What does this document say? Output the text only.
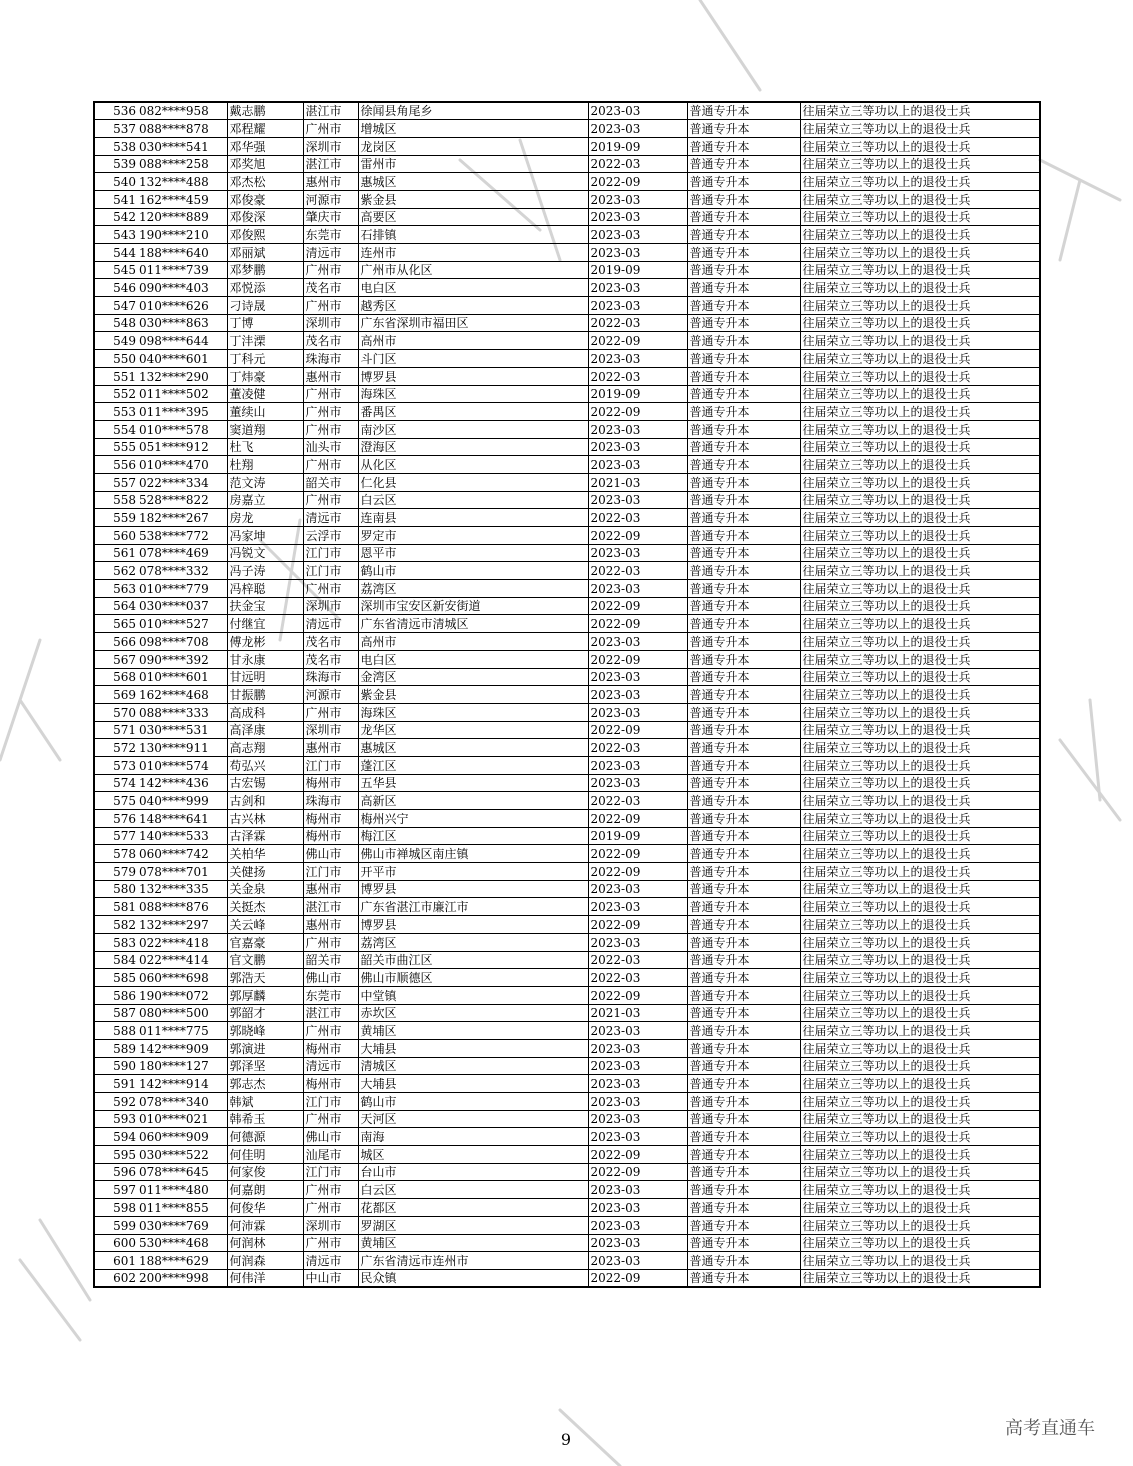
536	082****958	戴志鹏	湛江市	徐闻县角尾乡	2023-03	普通专升本	往届荣立三等功以上的退役士兵
537	088****878	邓程耀	广州市	增城区	2023-03	普通专升本	往届荣立三等功以上的退役士兵
538	030****541	邓华强	深圳市	龙岗区	2019-09	普通专升本	往届荣立三等功以上的退役士兵
539	088****258	邓奖旭	湛江市	雷州市	2022-03	普通专升本	往届荣立三等功以上的退役士兵
540	132****488	邓杰松	惠州市	惠城区	2022-09	普通专升本	往届荣立三等功以上的退役士兵
541	162****459	邓俊豪	河源市	紫金县	2023-03	普通专升本	往届荣立三等功以上的退役士兵
542	120****889	邓俊深	肇庆市	高要区	2023-03	普通专升本	往届荣立三等功以上的退役士兵
543	190****210	邓俊熙	东莞市	石排镇	2023-03	普通专升本	往届荣立三等功以上的退役士兵
544	188****640	邓丽斌	清远市	连州市	2023-03	普通专升本	往届荣立三等功以上的退役士兵
545	011****739	邓梦鹏	广州市	广州市从化区	2019-09	普通专升本	往届荣立三等功以上的退役士兵
546	090****403	邓悦添	茂名市	电白区	2023-03	普通专升本	往届荣立三等功以上的退役士兵
547	010****626	刁诗晟	广州市	越秀区	2023-03	普通专升本	往届荣立三等功以上的退役士兵
548	030****863	丁博	深圳市	广东省深圳市福田区	2022-03	普通专升本	往届荣立三等功以上的退役士兵
549	098****644	丁沣溧	茂名市	高州市	2022-09	普通专升本	往届荣立三等功以上的退役士兵
550	040****601	丁科元	珠海市	斗门区	2023-03	普通专升本	往届荣立三等功以上的退役士兵
551	132****290	丁炜豪	惠州市	博罗县	2022-03	普通专升本	往届荣立三等功以上的退役士兵
552	011****502	董凌健	广州市	海珠区	2019-09	普通专升本	往届荣立三等功以上的退役士兵
553	011****395	董续山	广州市	番禺区	2022-09	普通专升本	往届荣立三等功以上的退役士兵
554	010****578	窦道翔	广州市	南沙区	2023-03	普通专升本	往届荣立三等功以上的退役士兵
555	051****912	杜飞	汕头市	澄海区	2023-03	普通专升本	往届荣立三等功以上的退役士兵
556	010****470	杜翔	广州市	从化区	2023-03	普通专升本	往届荣立三等功以上的退役士兵
557	022****334	范文涛	韶关市	仁化县	2021-03	普通专升本	往届荣立三等功以上的退役士兵
558	528****822	房嘉立	广州市	白云区	2023-03	普通专升本	往届荣立三等功以上的退役士兵
559	182****267	房龙	清远市	连南县	2022-03	普通专升本	往届荣立三等功以上的退役士兵
560	538****772	冯家坤	云浮市	罗定市	2022-09	普通专升本	往届荣立三等功以上的退役士兵
561	078****469	冯锐文	江门市	恩平市	2023-03	普通专升本	往届荣立三等功以上的退役士兵
562	078****332	冯子涛	江门市	鹤山市	2022-03	普通专升本	往届荣立三等功以上的退役士兵
563	010****779	冯梓聪	广州市	荔湾区	2023-03	普通专升本	往届荣立三等功以上的退役士兵
564	030****037	扶金宝	深圳市	深圳市宝安区新安街道	2022-09	普通专升本	往届荣立三等功以上的退役士兵
565	010****527	付继宜	清远市	广东省清远市清城区	2022-09	普通专升本	往届荣立三等功以上的退役士兵
566	098****708	傅龙彬	茂名市	高州市	2023-03	普通专升本	往届荣立三等功以上的退役士兵
567	090****392	甘永康	茂名市	电白区	2022-09	普通专升本	往届荣立三等功以上的退役士兵
568	010****601	甘远明	珠海市	金湾区	2023-03	普通专升本	往届荣立三等功以上的退役士兵
569	162****468	甘振鹏	河源市	紫金县	2023-03	普通专升本	往届荣立三等功以上的退役士兵
570	088****333	高成科	广州市	海珠区	2023-03	普通专升本	往届荣立三等功以上的退役士兵
571	030****531	高泽康	深圳市	龙华区	2022-09	普通专升本	往届荣立三等功以上的退役士兵
572	130****911	高志翔	惠州市	惠城区	2022-03	普通专升本	往届荣立三等功以上的退役士兵
573	010****574	苟弘兴	江门市	蓬江区	2023-03	普通专升本	往届荣立三等功以上的退役士兵
574	142****436	古宏锡	梅州市	五华县	2023-03	普通专升本	往届荣立三等功以上的退役士兵
575	040****999	古剑和	珠海市	高新区	2022-03	普通专升本	往届荣立三等功以上的退役士兵
576	148****641	古兴林	梅州市	梅州兴宁	2022-09	普通专升本	往届荣立三等功以上的退役士兵
577	140****533	古泽霖	梅州市	梅江区	2019-09	普通专升本	往届荣立三等功以上的退役士兵
578	060****742	关柏华	佛山市	佛山市禅城区南庄镇	2022-09	普通专升本	往届荣立三等功以上的退役士兵
579	078****701	关健扬	江门市	开平市	2022-09	普通专升本	往届荣立三等功以上的退役士兵
580	132****335	关金泉	惠州市	博罗县	2023-03	普通专升本	往届荣立三等功以上的退役士兵
581	088****876	关挺杰	湛江市	广东省湛江市廉江市	2023-03	普通专升本	往届荣立三等功以上的退役士兵
582	132****297	关云峰	惠州市	博罗县	2022-09	普通专升本	往届荣立三等功以上的退役士兵
583	022****418	官嘉豪	广州市	荔湾区	2023-03	普通专升本	往届荣立三等功以上的退役士兵
584	022****414	官文鹏	韶关市	韶关市曲江区	2022-03	普通专升本	往届荣立三等功以上的退役士兵
585	060****698	郭浩天	佛山市	佛山市顺德区	2022-03	普通专升本	往届荣立三等功以上的退役士兵
586	190****072	郭厚麟	东莞市	中堂镇	2022-09	普通专升本	往届荣立三等功以上的退役士兵
587	080****500	郭韶才	湛江市	赤坎区	2021-03	普通专升本	往届荣立三等功以上的退役士兵
588	011****775	郭晓峰	广州市	黄埔区	2023-03	普通专升本	往届荣立三等功以上的退役士兵
589	142****909	郭演进	梅州市	大埔县	2023-03	普通专升本	往届荣立三等功以上的退役士兵
590	180****127	郭泽坚	清远市	清城区	2023-03	普通专升本	往届荣立三等功以上的退役士兵
591	142****914	郭志杰	梅州市	大埔县	2023-03	普通专升本	往届荣立三等功以上的退役士兵
592	078****340	韩斌	江门市	鹤山市	2023-03	普通专升本	往届荣立三等功以上的退役士兵
593	010****021	韩希玉	广州市	天河区	2023-03	普通专升本	往届荣立三等功以上的退役士兵
594	060****909	何德源	佛山市	南海	2023-03	普通专升本	往届荣立三等功以上的退役士兵
595	030****522	何佳明	汕尾市	城区	2022-09	普通专升本	往届荣立三等功以上的退役士兵
596	078****645	何家俊	江门市	台山市	2022-09	普通专升本	往届荣立三等功以上的退役士兵
597	011****480	何嘉朗	广州市	白云区	2023-03	普通专升本	往届荣立三等功以上的退役士兵
598	011****855	何俊华	广州市	花都区	2023-03	普通专升本	往届荣立三等功以上的退役士兵
599	030****769	何沛霖	深圳市	罗湖区	2023-03	普通专升本	往届荣立三等功以上的退役士兵
600	530****468	何润林	广州市	黄埔区	2023-03	普通专升本	往届荣立三等功以上的退役士兵
601	188****629	何润森	清远市	广东省清远市连州市	2023-03	普通专升本	往届荣立三等功以上的退役士兵
602	200****998	何伟洋	中山市	民众镇	2022-09	普通专升本	往届荣立三等功以上的退役士兵
9
高考直通车
